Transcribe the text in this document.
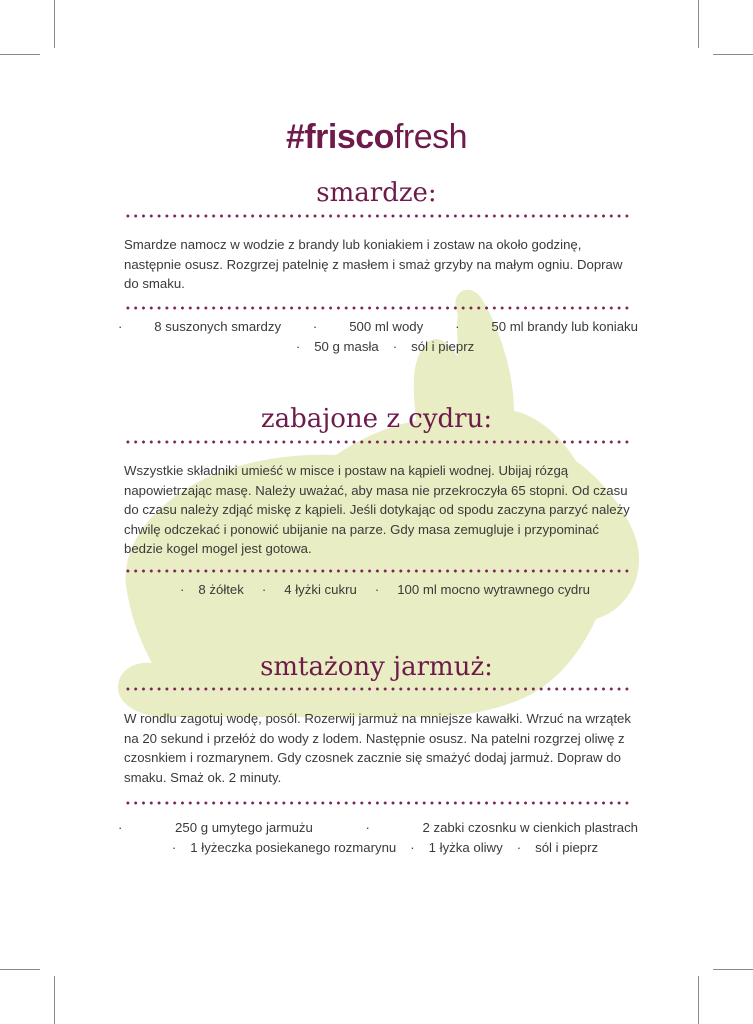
#friscofresh
smardze:
Smardze namocz w wodzie z brandy lub koniakiem i zostaw na około godzinę, następnie osusz. Rozgrzej patelnię z masłem i smaż grzyby na małym ogniu. Dopraw do smaku.
· 8 suszonych smardzy · 500 ml wody · 50 ml brandy lub koniaku
·	50 g masła	·	sól i pieprz
zabajone z cydru:
Wszystkie składniki umieść w misce i postaw na kąpieli wodnej. Ubijaj rózgą napowietrzając masę. Należy uważać, aby masa nie przekroczyła 65 stopni. Od czasu do czasu należy zdjąć miskę z kąpieli. Jeśli dotykając od spodu zaczyna parzyć należy chwilę odczekać i ponowić ubijanie na parze. Gdy masa zemugluje i przypominać bedzie kogel mogel jest gotowa.
·	8 żółtek	·	4 łyżki cukru	·	100 ml mocno wytrawnego cydru
smtażony jarmuż:
W rondlu zagotuj wodę, posól. Rozerwij jarmuż na mniejsze kawałki. Wrzuć na wrzątek na 20 sekund i przełóż do wody z lodem. Następnie osusz. Na patelni rozgrzej oliwę z czosnkiem i rozmarynem. Gdy czosnek zacznie się smażyć dodaj jarmuż. Dopraw do smaku. Smaż ok. 2 minuty.
·	250 g umytego jarmużu	·	2 zabki czosnku w cienkich plastrach
·	1 łyżeczka posiekanego rozmarynu	·	1 łyżka oliwy	·	sól i pieprz
